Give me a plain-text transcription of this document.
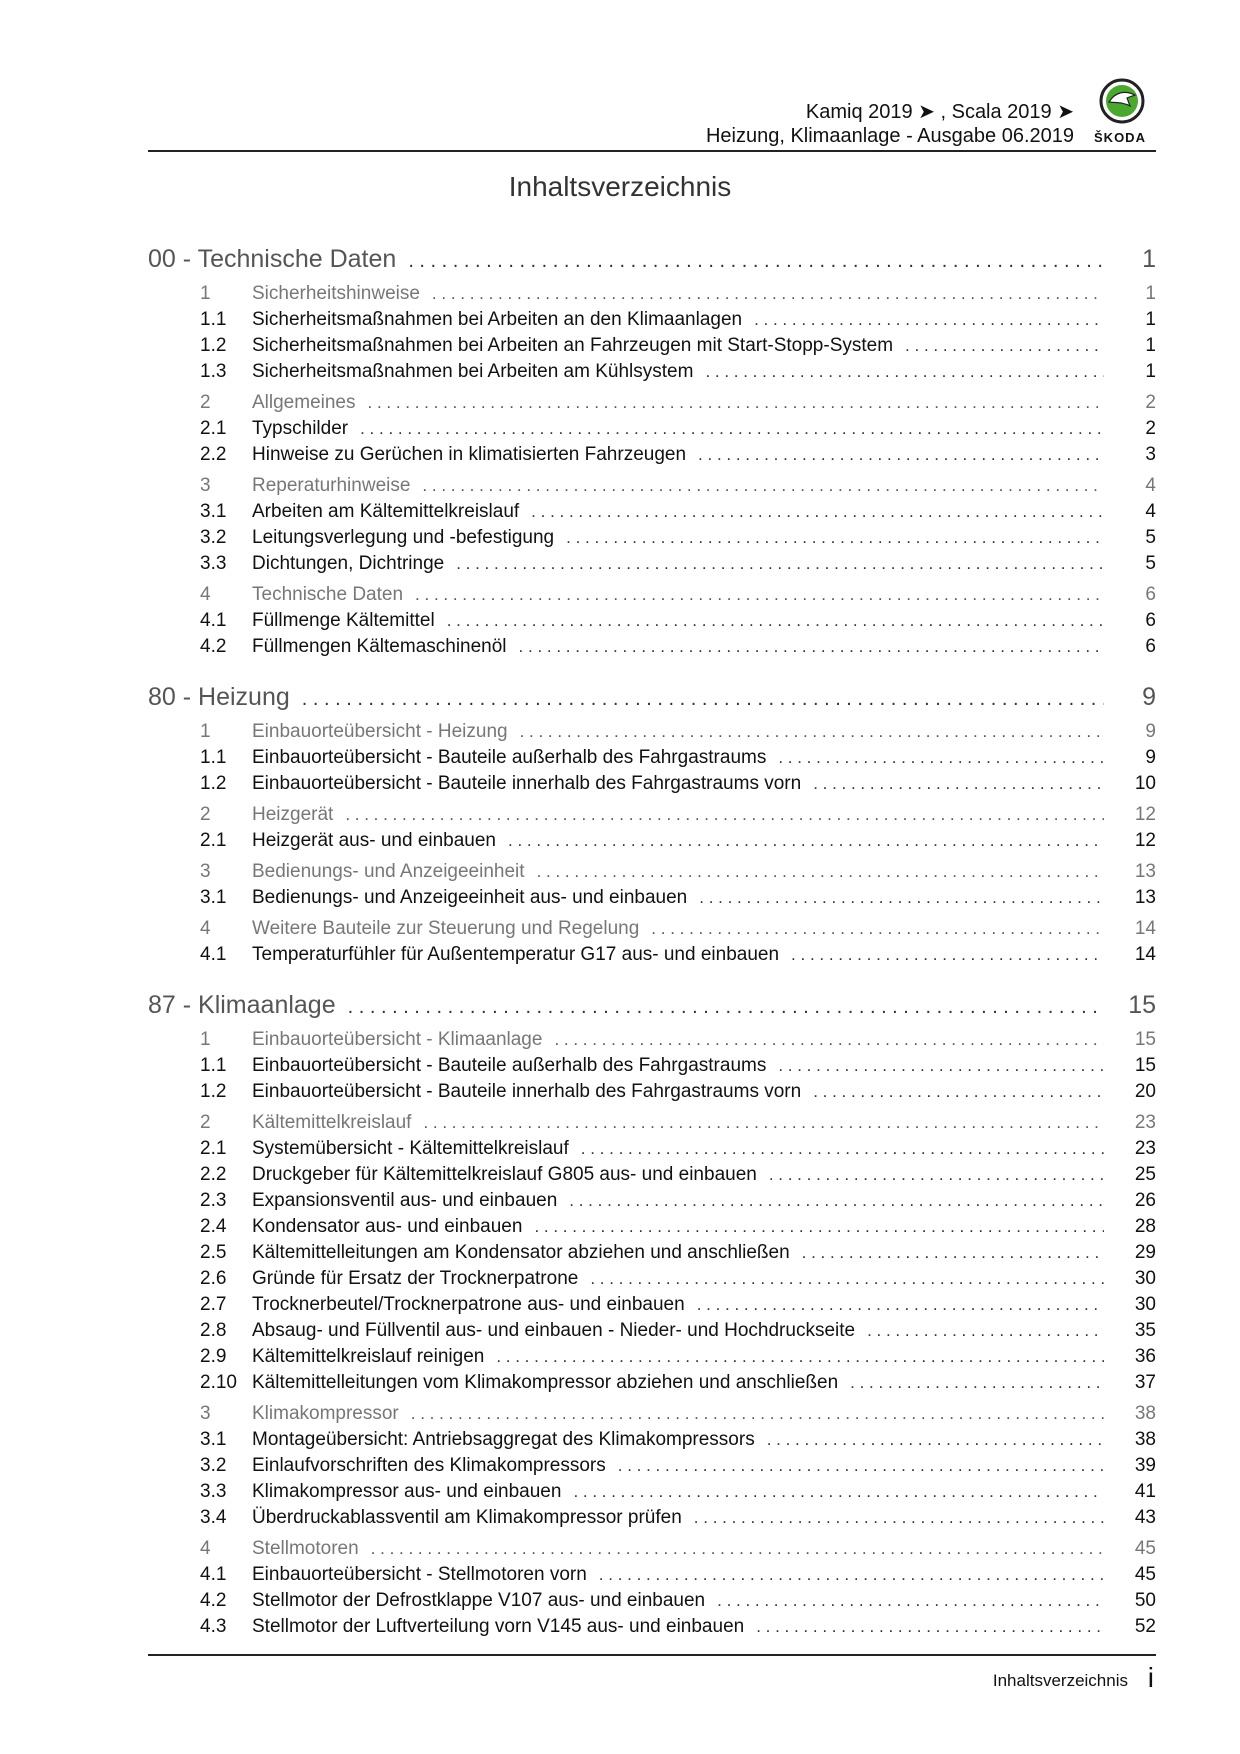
Kamiq 2019 ➤ , Scala 2019 ➤
Heizung, Klimaanlage - Ausgabe 06.2019	ŠKODA
Inhaltsverzeichnis
00 - Technische Daten . . .	1
1	Sicherheitshinweise . . .	1
1.1	Sicherheitsmaßnahmen bei Arbeiten an den Klimaanlagen . . .	1
1.2	Sicherheitsmaßnahmen bei Arbeiten an Fahrzeugen mit Start-Stopp-System . . .	1
1.3	Sicherheitsmaßnahmen bei Arbeiten am Kühlsystem . . .	1
2	Allgemeines . . .	2
2.1	Typschilder . . .	2
2.2	Hinweise zu Gerüchen in klimatisierten Fahrzeugen . . .	3
3	Reperaturhinweise . . .	4
3.1	Arbeiten am Kältemittelkreislauf . . .	4
3.2	Leitungsverlegung und -befestigung . . .	5
3.3	Dichtungen, Dichtringe . . .	5
4	Technische Daten . . .	6
4.1	Füllmenge Kältemittel . . .	6
4.2	Füllmengen Kältemaschinenöl . . .	6
80 - Heizung . . .	9
1	Einbauorteübersicht - Heizung . . .	9
1.1	Einbauorteübersicht - Bauteile außerhalb des Fahrgastraums . . .	9
1.2	Einbauorteübersicht - Bauteile innerhalb des Fahrgastraums vorn . . .	10
2	Heizgerät . . .	12
2.1	Heizgerät aus- und einbauen . . .	12
3	Bedienungs- und Anzeigeeinheit . . .	13
3.1	Bedienungs- und Anzeigeeinheit aus- und einbauen . . .	13
4	Weitere Bauteile zur Steuerung und Regelung . . .	14
4.1	Temperaturfühler für Außentemperatur G17 aus- und einbauen . . .	14
87 - Klimaanlage . . .	15
1	Einbauorteübersicht - Klimaanlage . . .	15
1.1	Einbauorteübersicht - Bauteile außerhalb des Fahrgastraums . . .	15
1.2	Einbauorteübersicht - Bauteile innerhalb des Fahrgastraums vorn . . .	20
2	Kältemittelkreislauf . . .	23
2.1	Systemübersicht - Kältemittelkreislauf . . .	23
2.2	Druckgeber für Kältemittelkreislauf G805 aus- und einbauen . . .	25
2.3	Expansionsventil aus- und einbauen . . .	26
2.4	Kondensator aus- und einbauen . . .	28
2.5	Kältemittelleitungen am Kondensator abziehen und anschließen . . .	29
2.6	Gründe für Ersatz der Trocknerpatrone . . .	30
2.7	Trocknerbeutel/Trocknerpatrone aus- und einbauen . . .	30
2.8	Absaug- und Füllventil aus- und einbauen - Nieder- und Hochdruckseite . . .	35
2.9	Kältemittelkreislauf reinigen . . .	36
2.10 Kältemittelleitungen vom Klimakompressor abziehen und anschließen . . .	37
3	Klimakompressor . . .	38
3.1	Montageübersicht: Antriebsaggregat des Klimakompressors . . .	38
3.2	Einlaufvorschriften des Klimakompressors . . .	39
3.3	Klimakompressor aus- und einbauen . . .	41
3.4	Überdruckablassventil am Klimakompressor prüfen . . .	43
4	Stellmotoren . . .	45
4.1	Einbauorteübersicht - Stellmotoren vorn . . .	45
4.2	Stellmotor der Defrostklappe V107 aus- und einbauen . . .	50
4.3	Stellmotor der Luftverteilung vorn V145 aus- und einbauen . . .	52
Inhaltsverzeichnis i
